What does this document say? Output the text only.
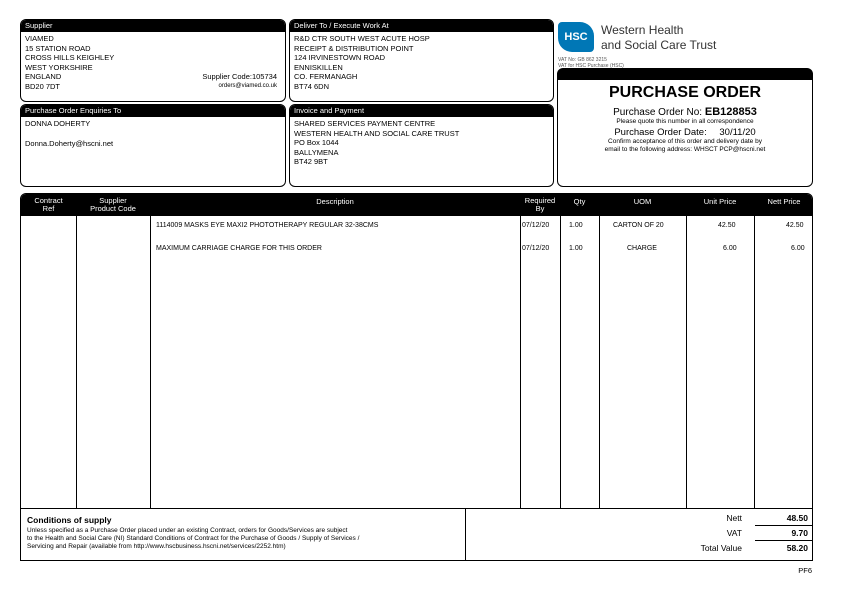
Supplier
VIAMED
15 STATION ROAD
CROSS HILLS KEIGHLEY
WEST YORKSHIRE
ENGLAND
BD20 7DT
Supplier Code:105734
orders@viamed.co.uk
Deliver To / Execute Work At
R&D CTR SOUTH WEST ACUTE HOSP
RECEIPT & DISTRIBUTION POINT
124 IRVINESTOWN ROAD
ENNISKILLEN
CO. FERMANAGH
BT74 6DN
HSC	Western Health
and Social Care Trust
VAT No: GB 862 3215
VAT for HSC Purchase (HSC)
Purchase Order Enquiries To
DONNA DOHERTY
Donna.Doherty@hscni.net
Invoice and Payment
SHARED SERVICES PAYMENT CENTRE
WESTERN HEALTH AND SOCIAL CARE TRUST
PO Box 1044
BALLYMENA
BT42 9BT
PURCHASE ORDER
Purchase Order No: EB128853
Please quote this number in all correspondence
Purchase Order Date: 30/11/20
Confirm acceptance of this order and delivery date by
email to the following address: WHSCT PCP@hscni.net
Contract
Ref
Supplier
Product Code
Description	Required
By
Qty	UOM	Unit Price	Nett Price
1114009 MASKS EYE MAXI2 PHOTOTHERAPY REGULAR 32-38CMS	07/12/20	1.00	CARTON OF 20	42.50	42.50
MAXIMUM CARRIAGE CHARGE FOR THIS ORDER	07/12/20	1.00	CHARGE	6.00	6.00
Conditions of supply
Unless specified as a Purchase Order placed under an existing Contract, orders for Goods/Services are subject
to the Health and Social Care (NI) Standard Conditions of Contract for the Purchase of Goods / Supply of Services /
Servicing and Repair (available from http://www.hscbusiness.hscni.net/services/2252.htm)
Nett	48.50
VAT	9.70
Total Value	58.20
PF6
